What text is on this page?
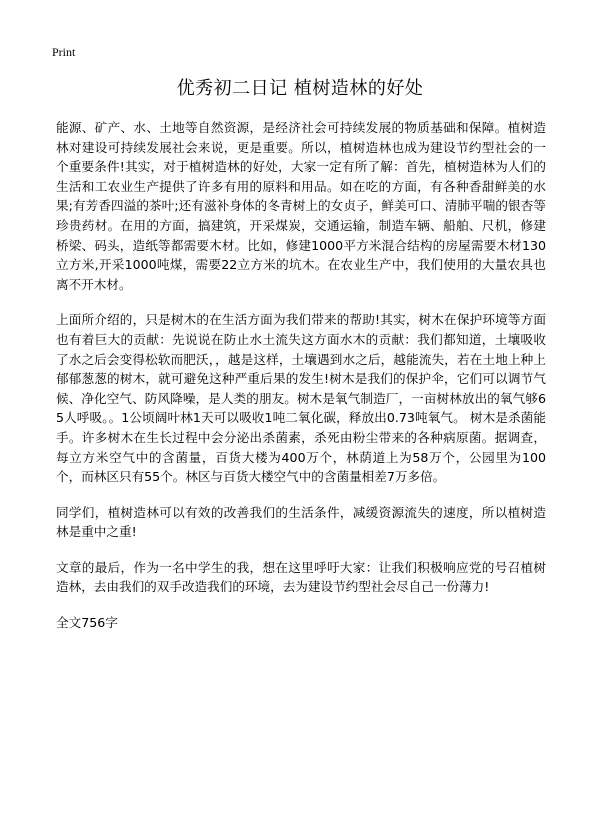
Print
优秀初二日记 植树造林的好处

能源、矿产、水、土地等自然资源，是经济社会可持续发展的物质基础和保障。植树造林对建设可持续发展社会来说，更是重要。所以，植树造林也成为建设节约型社会的一个重要条件!其实，对于植树造林的好处，大家一定有所了解：首先，植树造林为人们的生活和工农业生产提供了许多有用的原料和用品。如在吃的方面，有各种香甜鲜美的水果;有芳香四溢的茶叶;还有滋补身体的冬青树上的女贞子，鲜美可口、清肺平喘的银杏等珍贵药材。在用的方面，搞建筑，开采煤炭，交通运输，制造车辆、船舶、尺机，修建桥梁、码头，造纸等都需要木材。比如，修建1000平方米混合结构的房屋需要木材130立方米,开采1000吨煤，需要22立方米的坑木。在农业生产中，我们使用的大量农具也离不开木材。

上面所介绍的，只是树木的在生活方面为我们带来的帮助!其实，树木在保护环境等方面也有着巨大的贡献：先说说在防止水土流失这方面水木的贡献：我们都知道，土壤吸收了水之后会变得松软而肥沃，，越是这样，土壤遇到水之后，越能流失，若在土地上种上郁郁葱葱的树木，就可避免这种严重后果的发生!树木是我们的保护伞，它们可以调节气候、净化空气、防风降噪，是人类的朋友。树木是氧气制造厂，一亩树林放出的氧气够65人呼吸。。1公顷阔叶林1天可以吸收1吨二氧化碳，释放出0.73吨氧气。 树木是杀菌能手。许多树木在生长过程中会分泌出杀菌素，杀死由粉尘带来的各种病原菌。据调查，每立方米空气中的含菌量，百货大楼为400万个，林荫道上为58万个，公园里为100个，而林区只有55个。林区与百货大楼空气中的含菌量相差7万多倍。

同学们，植树造林可以有效的改善我们的生活条件，减缓资源流失的速度，所以植树造林是重中之重!

文章的最后，作为一名中学生的我，想在这里呼吁大家：让我们积极响应党的号召植树造林，去由我们的双手改造我们的环境，去为建设节约型社会尽自己一份薄力!

全文756字
